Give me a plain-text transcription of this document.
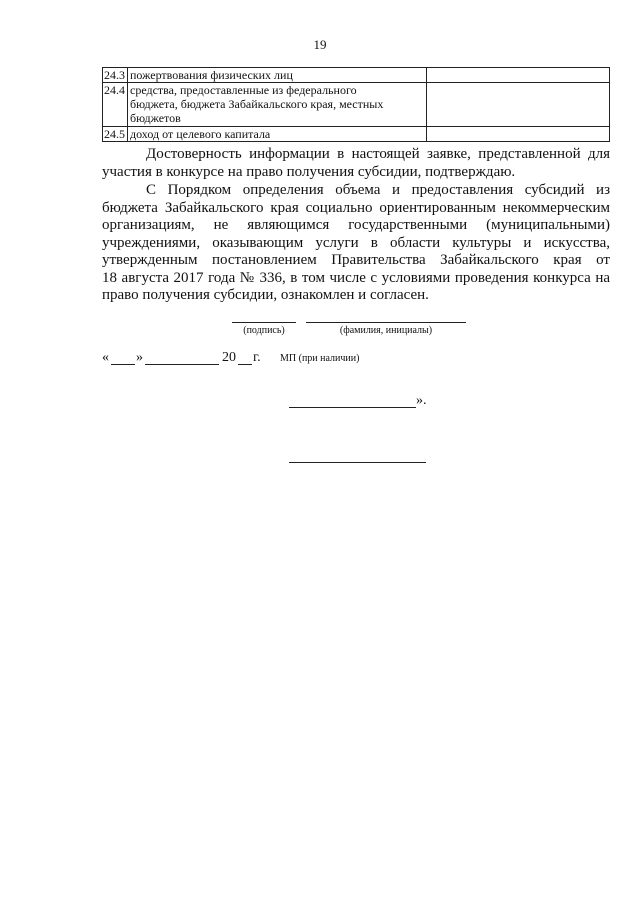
19
24.3	пожертвования физических лиц	
24.4	средства, предоставленные из федерального бюджета, бюджета Забайкальского края, местных бюджетов	
24.5	доход от целевого капитала	
Достоверность информации в настоящей заявке, представленной для
участия в конкурсе на право получения субсидии, подтверждаю.
С Порядком определения объема и предоставления субсидий из
бюджета Забайкальского края социально ориентированным некоммерческим
организациям, не являющимся государственными (муниципальными)
учреждениями, оказывающим услуги в области культуры и искусства,
утвержденным постановлением Правительства Забайкальского края от
18 августа 2017 года № 336, в том числе с условиями проведения конкурса на
право получения субсидии, ознакомлен и согласен.
(подпись)	(фамилия, инициалы)
« »	20 г. МП (при наличии)
».
